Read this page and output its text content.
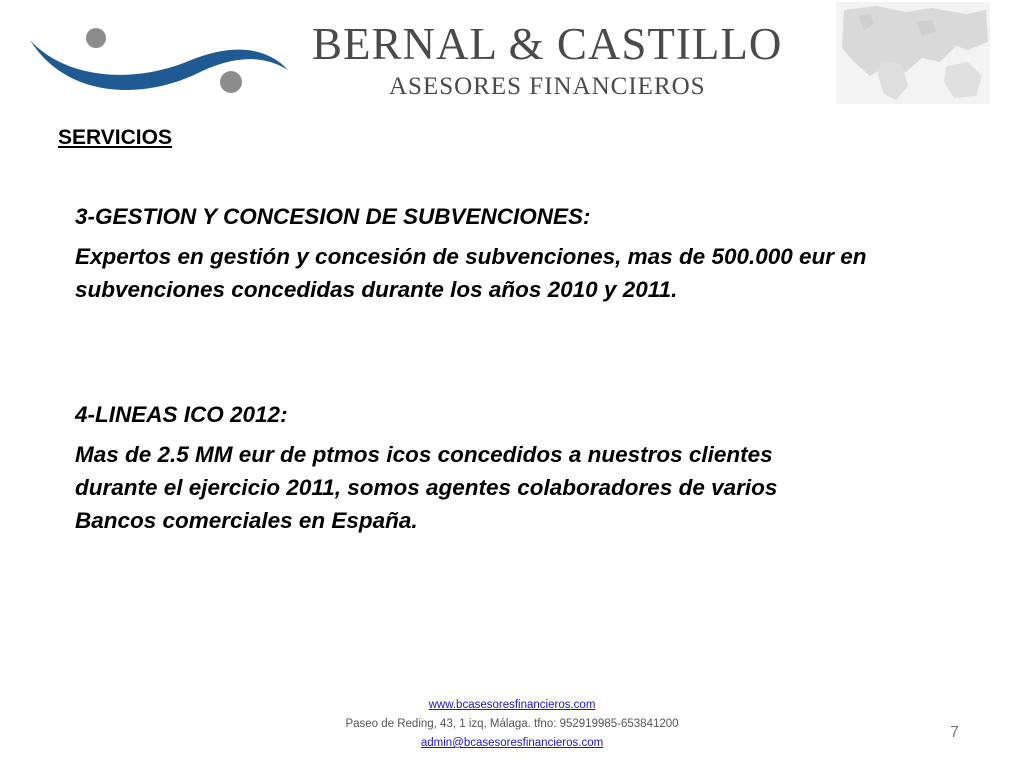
BERNAL & CASTILLO
ASESORES FINANCIEROS
SERVICIOS
3-GESTION Y CONCESION DE SUBVENCIONES:
Expertos en gestión y concesión de subvenciones, mas de 500.000 eur en subvenciones concedidas durante los años 2010 y 2011.
4-LINEAS ICO 2012:
Mas de 2.5 MM eur de ptmos icos concedidos a nuestros clientes durante el ejercicio 2011, somos agentes colaboradores de varios Bancos comerciales en España.
www.bcasesoresfinancieros.com
Paseo de Reding, 43, 1 izq, Málaga. tfno: 952919985-653841200
admin@bcasesoresfinancieros.com
7
